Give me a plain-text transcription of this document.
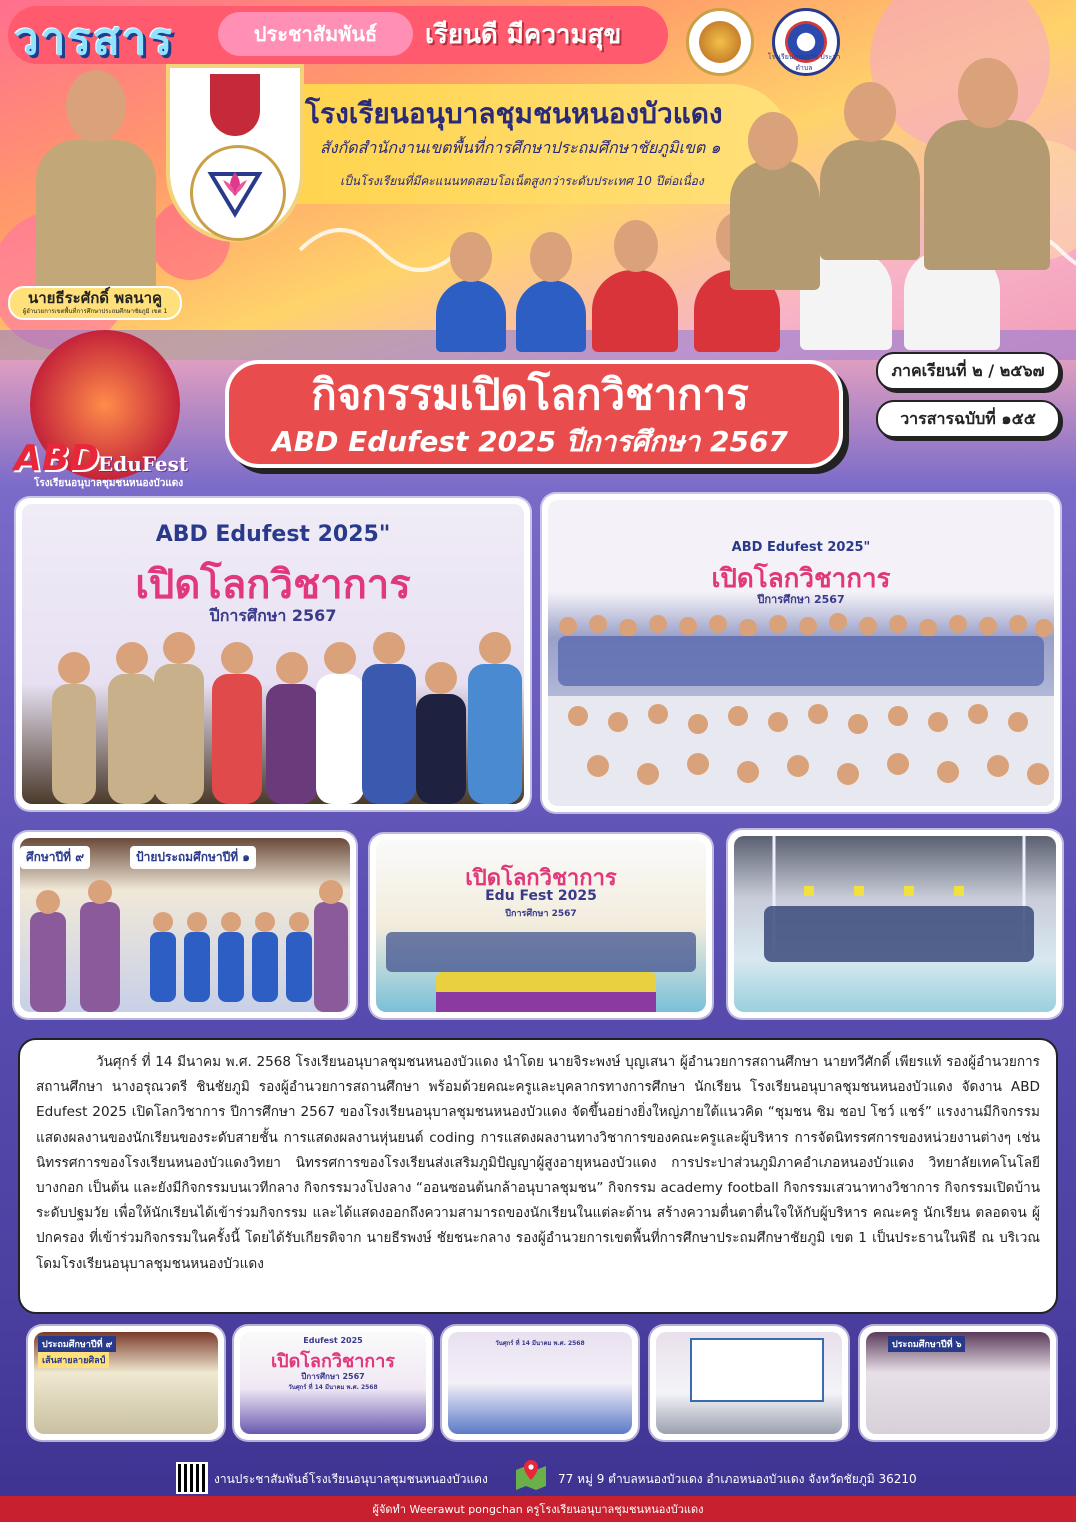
วารสาร	ประชาสัมพันธ์	เรียนดี มีความสุข
โรงเรียนคุณภาพ ประจำตำบล
โรงเรียนอนุบาลชุมชนหนองบัวแดง
สังกัดสำนักงานเขตพื้นที่การศึกษาประถมศึกษาชัยภูมิเขต ๑
เป็นโรงเรียนที่มีคะแนนทดสอบโอเน็ตสูงกว่าระดับประเทศ 10 ปีต่อเนื่อง
นายธีระศักดิ์ พลนาคู
ผู้อำนวยการเขตพื้นที่การศึกษาประถมศึกษาชัยภูมิ เขต 1
ABD
EduFest
โรงเรียนอนุบาลชุมชนหนองบัวแดง
กิจกรรมเปิดโลกวิชาการ
ABD Edufest 2025 ปีการศึกษา 2567
ภาคเรียนที่ ๒ / ๒๕๖๗
วารสารฉบับที่ ๑๕๕
ABD Edufest 2025"
เปิดโลกวิชาการ
ปีการศึกษา 2567
ABD Edufest 2025"
เปิดโลกวิชาการ
ปีการศึกษา 2567
ศึกษาปีที่ ๙	ป้ายประถมศึกษาปีที่ ๑
เปิดโลกวิชาการ
Edu Fest 2025
ปีการศึกษา 2567

วันศุกร์ ที่ 14 มีนาคม พ.ศ. 2568 โรงเรียนอนุบาลชุมชนหนองบัวแดง นำโดย นายจิระพงษ์ บุญเสนา ผู้อำนวยการสถานศึกษา นายทวีศักดิ์ เพียรแท้ รองผู้อำนวยการสถานศึกษา นางอรุณวตรี ชินชัยภูมิ รองผู้อำนวยการสถานศึกษา พร้อมด้วยคณะครูและบุคลากรทางการศึกษา นักเรียน โรงเรียนอนุบาลชุมชนหนองบัวแดง จัดงาน ABD Edufest 2025 เปิดโลกวิชาการ ปีการศึกษา 2567 ของโรงเรียนอนุบาลชุมชนหนองบัวแดง จัดขึ้นอย่างยิ่งใหญ่ภายใต้แนวคิด “ชุมชน ชิม ชอป โชว์ แชร์” แรงงานมีกิจกรรมแสดงผลงานของนักเรียนของระดับสายชั้น การแสดงผลงานหุ่นยนต์ coding การแสดงผลงานทางวิชาการของคณะครูและผู้บริหาร การจัดนิทรรศการของหน่วยงานต่างๆ เช่น นิทรรศการของโรงเรียนหนองบัวแดงวิทยา นิทรรศการของโรงเรียนส่งเสริมภูมิปัญญาผู้สูงอายุหนองบัวแดง การประปาส่วนภูมิภาคอำเภอหนองบัวแดง วิทยาลัยเทคโนโลยีบางกอก เป็นต้น และยังมีกิจกรรมบนเวทีกลาง กิจกรรมวงโปงลาง “ออนซอนต้นกล้าอนุบาลชุมชน” กิจกรรม academy football กิจกรรมเสวนาทางวิชาการ กิจกรรมเปิดบ้านระดับปฐมวัย เพื่อให้นักเรียนได้เข้าร่วมกิจกรรม และได้แสดงออกถึงความสามารถของนักเรียนในแต่ละด้าน สร้างความตื่นตาตื่นใจให้กับผู้บริหาร คณะครู นักเรียน ตลอดจน ผู้ปกครอง ที่เข้าร่วมกิจกรรมในครั้งนี้ โดยได้รับเกียรติจาก นายธีรพงษ์ ชัยชนะกลาง รองผู้อำนวยการเขตพื้นที่การศึกษาประถมศึกษาชัยภูมิ เขต 1 เป็นประธานในพิธี ณ บริเวณโดมโรงเรียนอนุบาลชุมชนหนองบัวแดง

ประถมศึกษาปีที่ ๙
เส้นสายลายศิลป์
Edufest 2025
เปิดโลกวิชาการ
ปีการศึกษา 2567
วันศุกร์ ที่ 14 มีนาคม พ.ศ. 2568
วันศุกร์ ที่ 14 มีนาคม พ.ศ. 2568	ประถมศึกษาปีที่ ๖
งานประชาสัมพันธ์โรงเรียนอนุบาลชุมชนหนองบัวแดง	77 หมู่ 9 ตำบลหนองบัวแดง อำเภอหนองบัวแดง จังหวัดชัยภูมิ 36210
ผู้จัดทำ Weerawut pongchan ครูโรงเรียนอนุบาลชุมชนหนองบัวแดง
